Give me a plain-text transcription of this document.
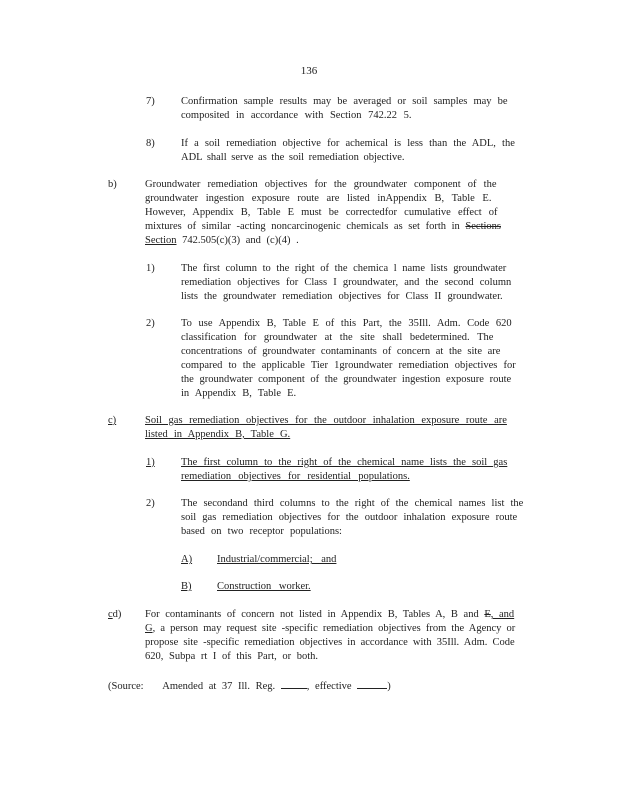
136
7)	Confirmation sample results may be averaged or soil samples may be
composited in accordance with Section 742.22 5.
8)	If a soil remediation objective for achemical is less than the ADL, the
ADL shall serve as the soil remediation objective.
b)	Groundwater remediation objectives for the groundwater component of the
groundwater ingestion exposure route are listed inAppendix B, Table E.
However, Appendix B, Table E must be correctedfor cumulative effect of
mixtures of similar -acting noncarcinogenic chemicals as set forth in Sections
Section 742.505(c)(3) and (c)(4) .
1)	The first column to the right of the chemica l name lists groundwater
remediation objectives for Class I groundwater, and the second column
lists the groundwater remediation objectives for Class II groundwater.
2)	To use Appendix B, Table E of this Part, the 35Ill. Adm. Code 620
classification for groundwater at the site shall bedetermined. The
concentrations of groundwater contaminants of concern at the site are
compared to the applicable Tier 1groundwater remediation objectives for
the groundwater component of the groundwater ingestion exposure route
in Appendix B, Table E.
c)	Soil gas remediation objectives for the outdoor inhalation exposure route are
listed in Appendix B, Table G.
1)	The first column to the right of the chemical name lists the soil gas
remediation objectives for residential populations.
2)	The secondand third columns to the right of the chemical names list the
soil gas remediation objectives for the outdoor inhalation exposure route
based on two receptor populations:
A) Industrial/commercial; and
B) Construction worker.
cd) For contaminants of concern not listed in Appendix B, Tables A, B and E, and
G, a person may request site -specific remediation objectives from the Agency or
propose site -specific remediation objectives in accordance with 35Ill. Adm. Code
620, Subpa rt I of this Part, or both.
(Source: Amended at 37 Ill. Reg.	, effective	)
